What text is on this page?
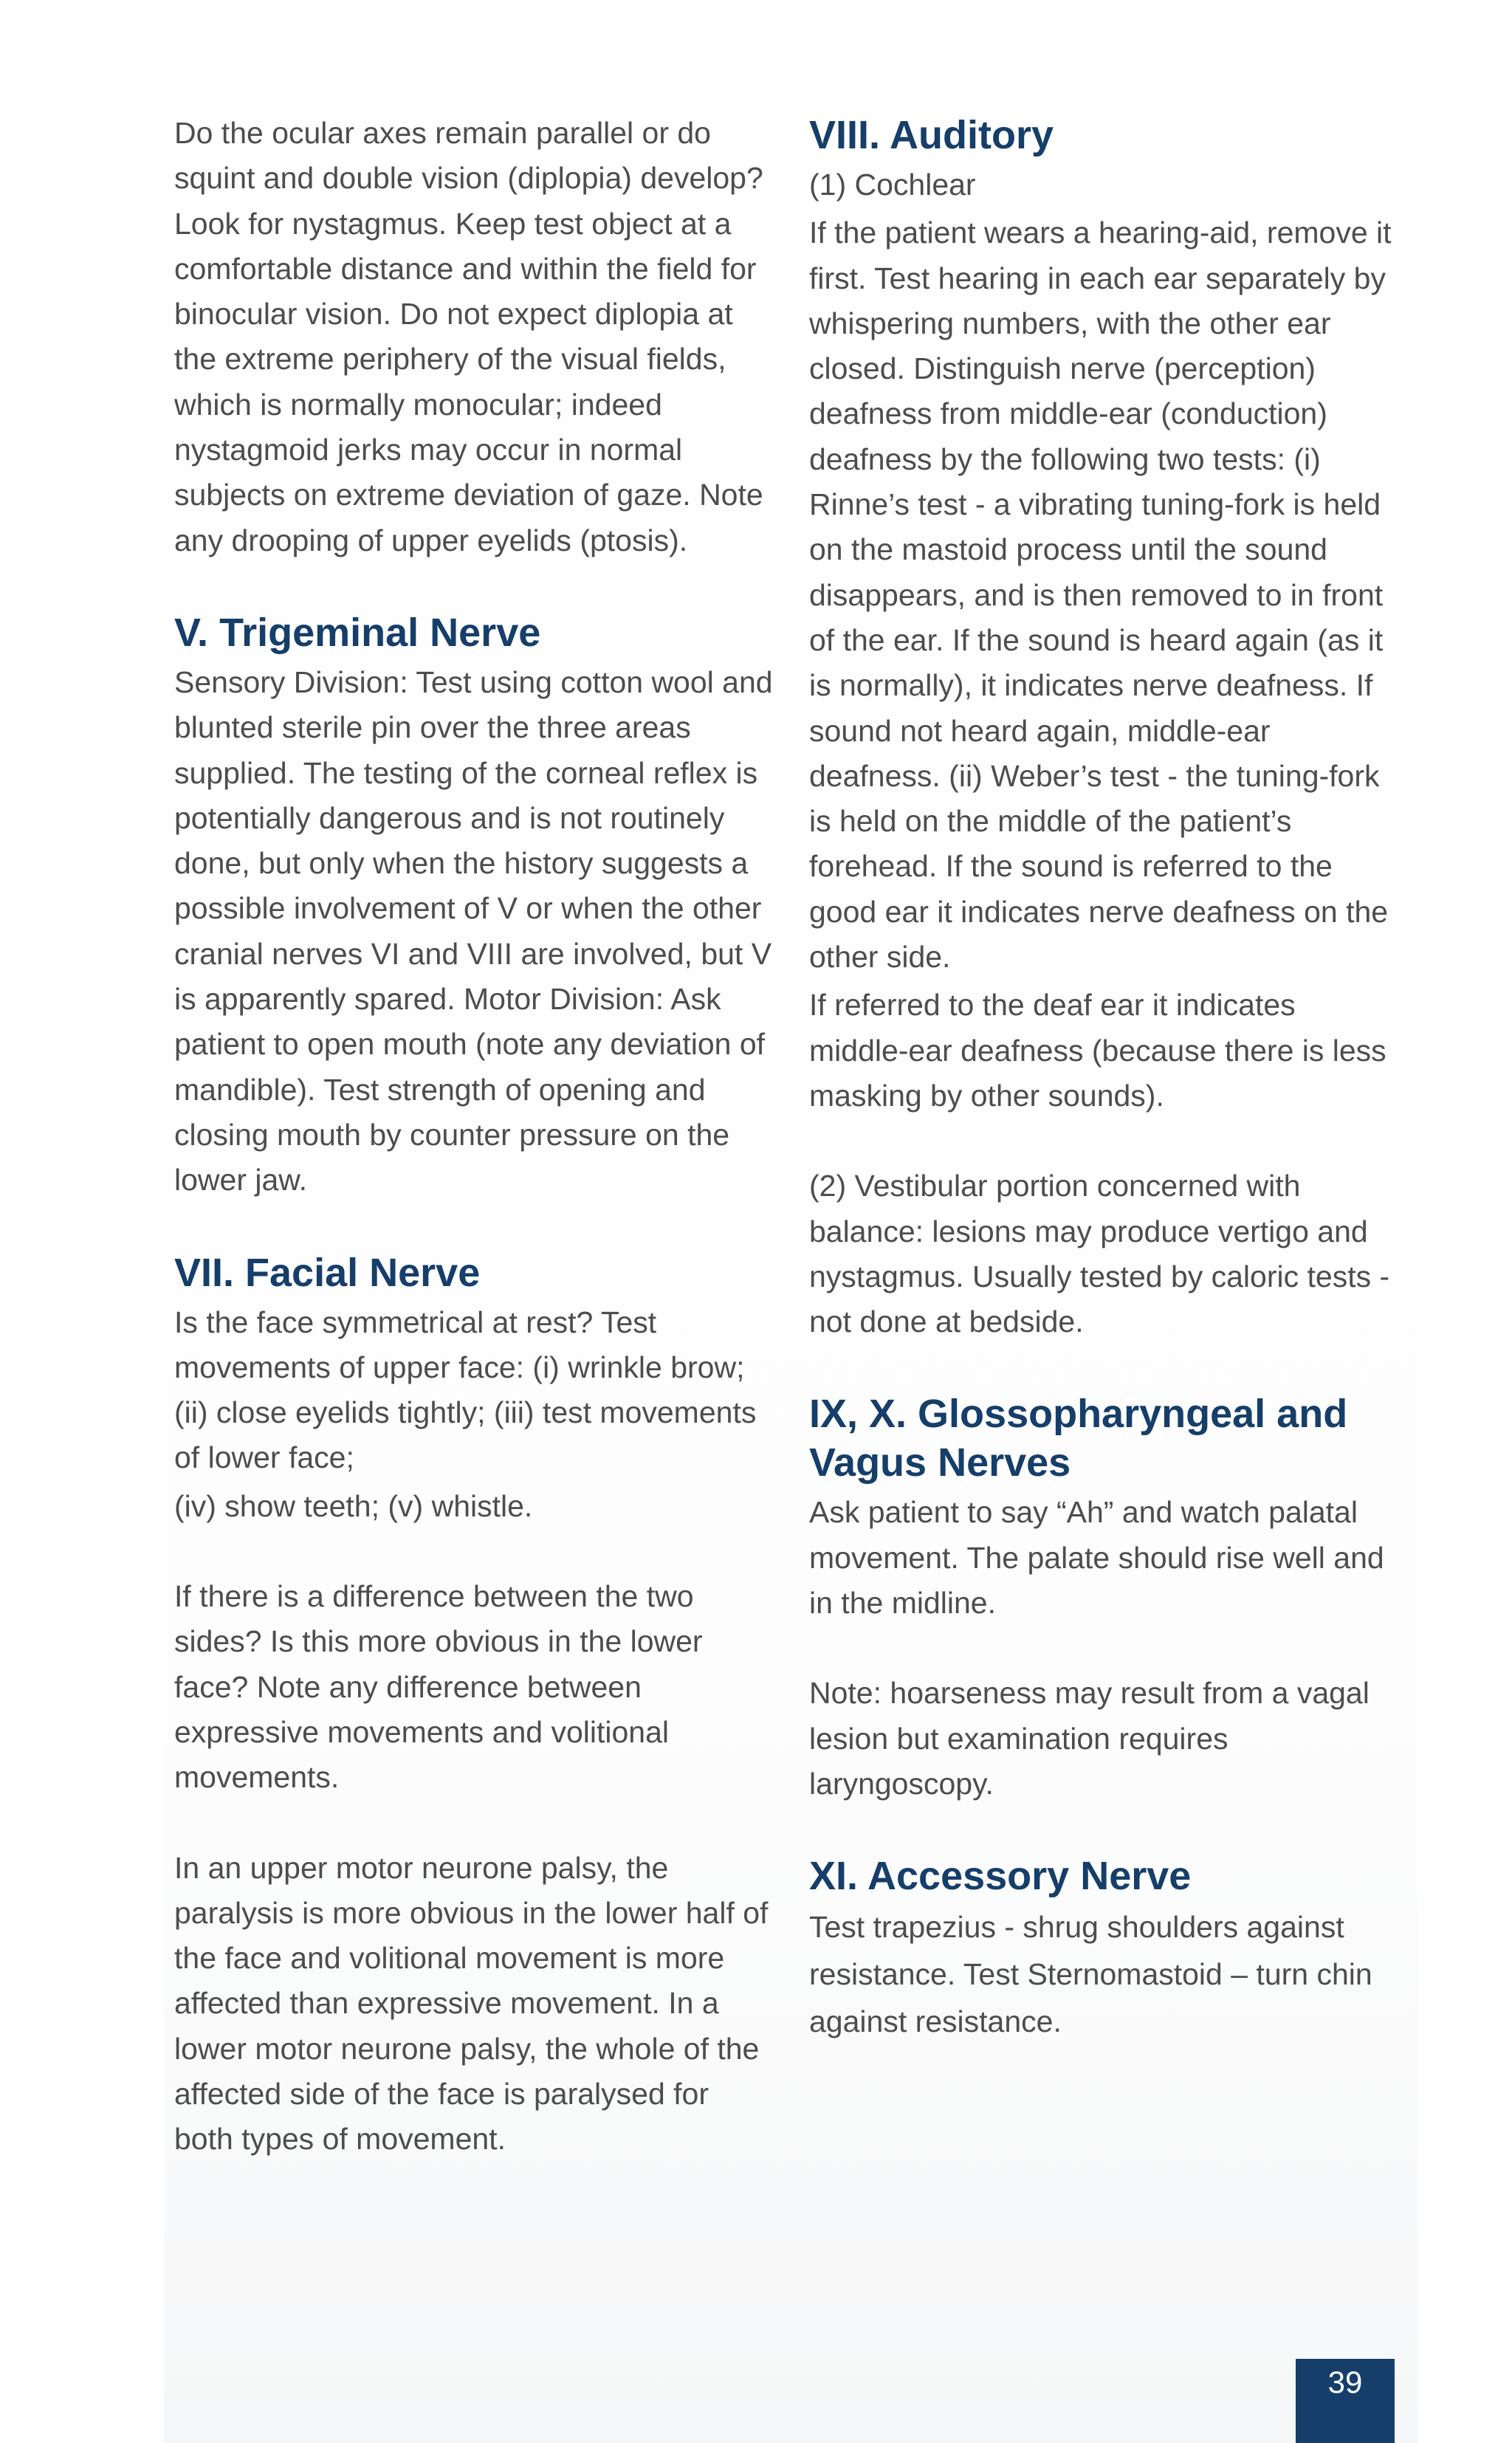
Do the ocular axes remain parallel or do squint and double vision (diplopia) develop? Look for nystagmus. Keep test object at a comfortable distance and within the field for binocular vision. Do not expect diplopia at the extreme periphery of the visual fields, which is normally monocular; indeed nystagmoid jerks may occur in normal subjects on extreme deviation of gaze. Note any drooping of upper eyelids (ptosis).

V. Trigeminal Nerve

Sensory Division: Test using cotton wool and blunted sterile pin over the three areas supplied. The testing of the corneal reflex is potentially dangerous and is not routinely done, but only when the history suggests a possible involvement of V or when the other cranial nerves VI and VIII are involved, but V is apparently spared. Motor Division: Ask patient to open mouth (note any deviation of mandible). Test strength of opening and closing mouth by counter pressure on the lower jaw.

VII. Facial Nerve

Is the face symmetrical at rest? Test movements of upper face: (i) wrinkle brow; (ii) close eyelids tightly; (iii) test movements of lower face;

(iv) show teeth; (v) whistle.

If there is a difference between the two sides? Is this more obvious in the lower face? Note any difference between expressive movements and volitional movements.

In an upper motor neurone palsy, the paralysis is more obvious in the lower half of the face and volitional movement is more affected than expressive movement. In a lower motor neurone palsy, the whole of the affected side of the face is paralysed for both types of movement.

VIII. Auditory

(1) Cochlear

If the patient wears a hearing-aid, remove it first. Test hearing in each ear separately by whispering numbers, with the other ear closed. Distinguish nerve (perception) deafness from middle-ear (conduction) deafness by the following two tests: (i) Rinne’s test - a vibrating tuning-fork is held on the mastoid process until the sound disappears, and is then removed to in front of the ear. If the sound is heard again (as it is normally), it indicates nerve deafness. If sound not heard again, middle-ear deafness. (ii) Weber’s test - the tuning-fork is held on the middle of the patient’s forehead. If the sound is referred to the good ear it indicates nerve deafness on the other side.

If referred to the deaf ear it indicates middle-ear deafness (because there is less masking by other sounds).

(2) Vestibular portion concerned with balance: lesions may produce vertigo and nystagmus. Usually tested by caloric tests - not done at bedside.

IX, X. Glossopharyngeal and Vagus Nerves

Ask patient to say “Ah” and watch palatal movement. The palate should rise well and in the midline.

Note: hoarseness may result from a vagal lesion but examination requires laryngoscopy.

XI. Accessory Nerve

Test trapezius - shrug shoulders against resistance. Test Sternomastoid – turn chin against resistance.

39
